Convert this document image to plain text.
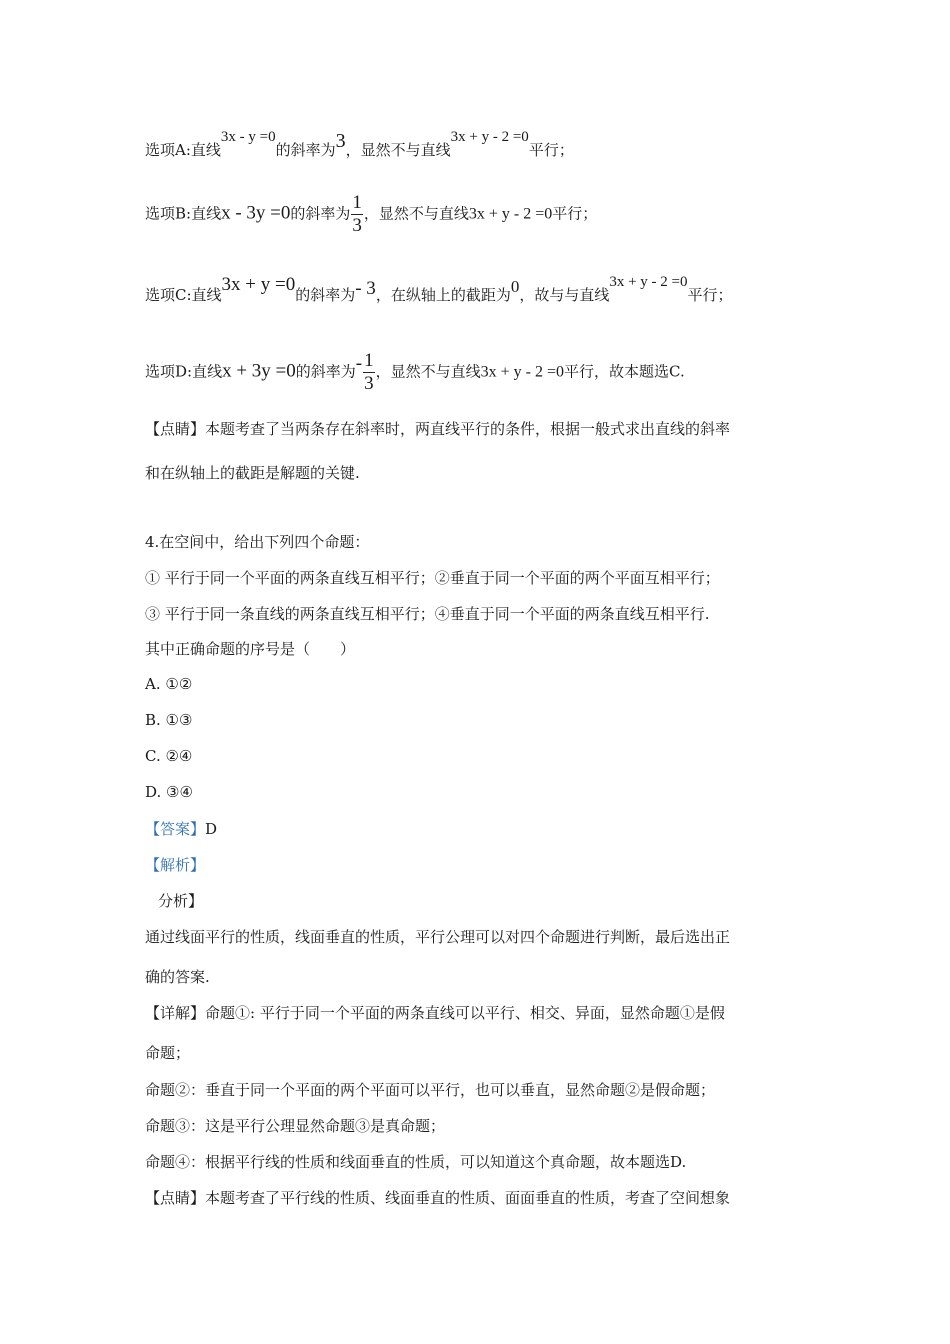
选项A:直线3x - y =0的斜率为3，显然不与直线3x + y - 2 =0平行；
选项B:直线x - 3y =0的斜率为 $\frac{1}{3}$ ，显然不与直线3x + y - 2 =0平行；
选项C:直线3x + y =0的斜率为- 3，在纵轴上的截距为0，故与与直线3x + y - 2 =0平行；
选项D:直线x + 3y =0的斜率为- $\frac{1}{3}$ ，显然不与直线3x + y - 2 =0平行，故本题选C.
【点睛】本题考查了当两条存在斜率时，两直线平行的条件，根据一般式求出直线的斜率
和在纵轴上的截距是解题的关键.
4.在空间中，给出下列四个命题：
① 平行于同一个平面的两条直线互相平行；②垂直于同一个平面的两个平面互相平行；
③ 平行于同一条直线的两条直线互相平行；④垂直于同一个平面的两条直线互相平行.
其中正确命题的序号是（　　）
A. ①②
B. ①③
C. ②④
D. ③④
【答案】D
【解析】
分析】
通过线面平行的性质，线面垂直的性质，平行公理可以对四个命题进行判断，最后选出正
确的答案.
【详解】命题①: 平行于同一个平面的两条直线可以平行、相交、异面，显然命题①是假
命题；
命题②：垂直于同一个平面的两个平面可以平行，也可以垂直，显然命题②是假命题；
命题③：这是平行公理显然命题③是真命题；
命题④：根据平行线的性质和线面垂直的性质，可以知道这个真命题，故本题选D.
【点睛】本题考查了平行线的性质、线面垂直的性质、面面垂直的性质，考查了空间想象
